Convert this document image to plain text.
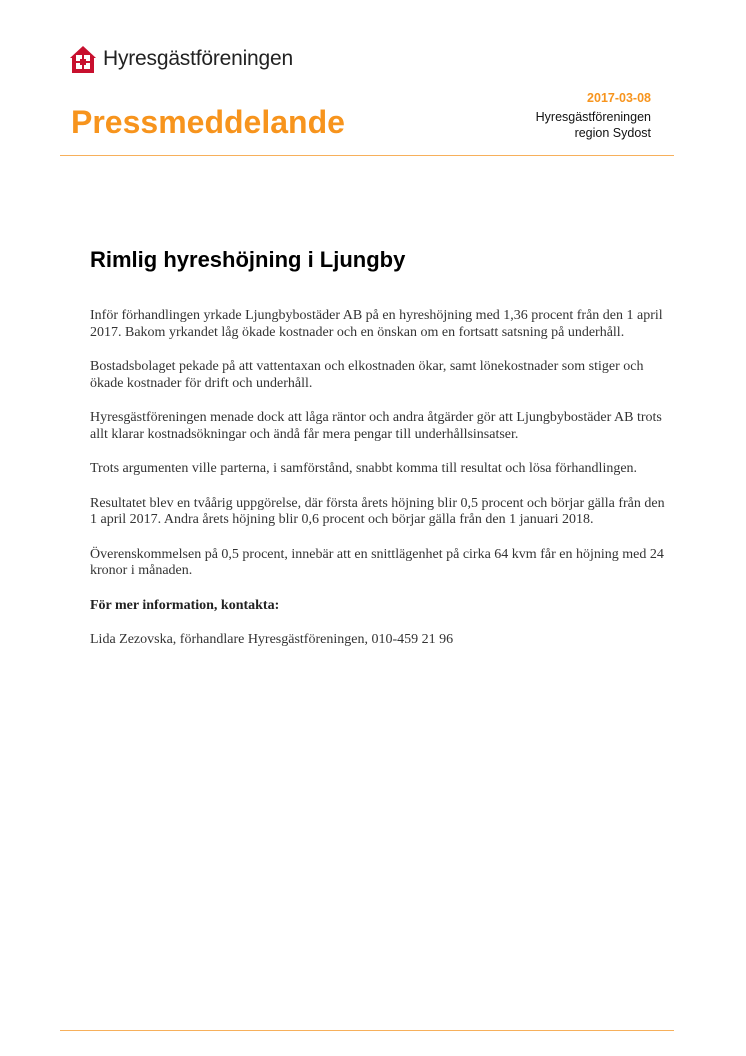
Hyresgästföreningen
Pressmeddelande
2017-03-08
Hyresgästföreningen
region Sydost
Rimlig hyreshöjning i Ljungby

Inför förhandlingen yrkade Ljungbybostäder AB på en hyreshöjning med 1,36 procent från den 1 april 2017. Bakom yrkandet låg ökade kostnader och en önskan om en fortsatt satsning på underhåll.

Bostadsbolaget pekade på att vattentaxan och elkostnaden ökar, samt lönekostnader som stiger och ökade kostnader för drift och underhåll.

Hyresgästföreningen menade dock att låga räntor och andra åtgärder gör att Ljungbybostäder AB trots allt klarar kostnadsökningar och ändå får mera pengar till underhållsinsatser.

Trots argumenten ville parterna, i samförstånd, snabbt komma till resultat och lösa förhandlingen.

Resultatet blev en tvåårig uppgörelse, där första årets höjning blir 0,5 procent och börjar gälla från den 1 april 2017. Andra årets höjning blir 0,6 procent och börjar gälla från den 1 januari 2018.

Överenskommelsen på 0,5 procent, innebär att en snittlägenhet på cirka 64 kvm får en höjning med 24 kronor i månaden.

För mer information, kontakta:

Lida Zezovska, förhandlare Hyresgästföreningen, 010-459 21 96
